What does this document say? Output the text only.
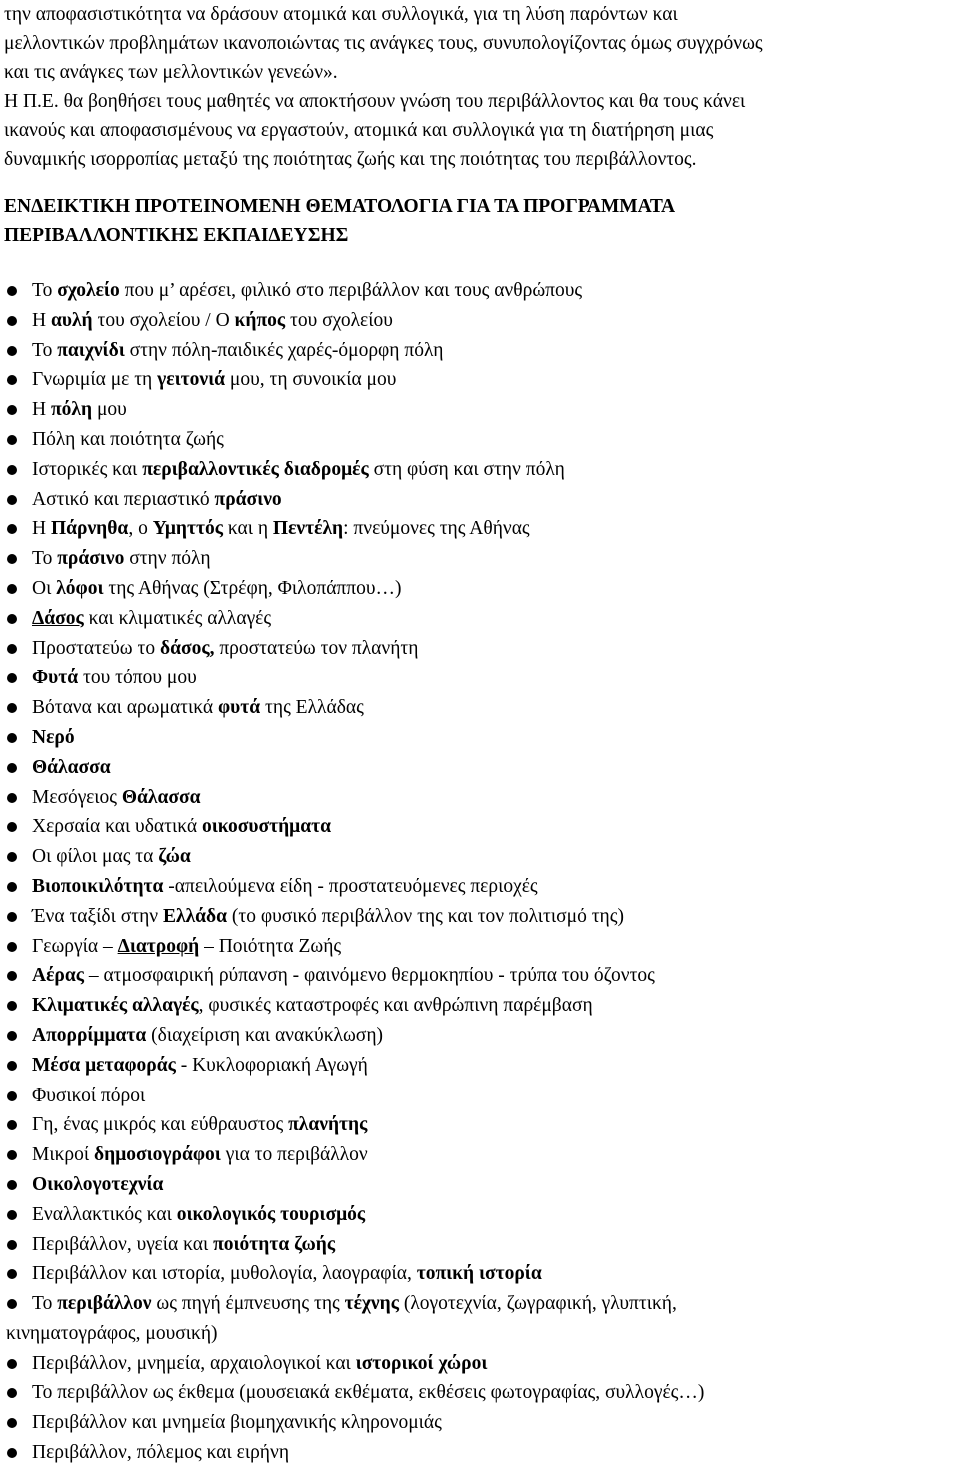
την αποφασιστικότητα να δράσουν ατομικά και συλλογικά, για τη λύση παρόντων και
μελλοντικών προβλημάτων ικανοποιώντας τις ανάγκες τους, συνυπολογίζοντας όμως συγχρόνως
και τις ανάγκες των μελλοντικών γενεών».
Η Π.Ε. θα βοηθήσει τους μαθητές να αποκτήσουν γνώση του περιβάλλοντος και θα τους κάνει
ικανούς και αποφασισμένους να εργαστούν, ατομικά και συλλογικά για τη διατήρηση μιας
δυναμικής ισορροπίας μεταξύ της ποιότητας ζωής και της ποιότητας του περιβάλλοντος.

ΕΝΔΕΙΚΤΙΚΗ ΠΡΟΤΕΙΝΟΜΕΝΗ ΘΕΜΑΤΟΛΟΓΙΑ ΓΙΑ ΤΑ ΠΡΟΓΡΑΜΜΑΤΑ
ΠΕΡΙΒΑΛΛΟΝΤΙΚΗΣ ΕΚΠΑΙΔΕΥΣΗΣ
Το σχολείο που μ’ αρέσει, φιλικό στο περιβάλλον και τους ανθρώπους
Η αυλή του σχολείου / Ο κήπος του σχολείου
Το παιχνίδι στην πόλη-παιδικές χαρές-όμορφη πόλη
Γνωριμία με τη γειτονιά μου, τη συνοικία μου
Η πόλη μου
Πόλη και ποιότητα ζωής
Ιστορικές και περιβαλλοντικές διαδρομές στη φύση και στην πόλη
Αστικό και περιαστικό πράσινο
Η Πάρνηθα, ο Υμηττός και η Πεντέλη: πνεύμονες της Αθήνας
Το πράσινο στην πόλη
Οι λόφοι της Αθήνας (Στρέφη, Φιλοπάππου…)
Δάσος και κλιματικές αλλαγές
Προστατεύω το δάσος, προστατεύω τον πλανήτη
Φυτά του τόπου μου
Βότανα και αρωματικά φυτά της Ελλάδας
Νερό
Θάλασσα
Μεσόγειος Θάλασσα
Χερσαία και υδατικά οικοσυστήματα
Οι φίλοι μας τα ζώα
Βιοποικιλότητα -απειλούμενα είδη - προστατευόμενες περιοχές
Ένα ταξίδι στην Ελλάδα (το φυσικό περιβάλλον της και τον πολιτισμό της)
Γεωργία – Διατροφή – Ποιότητα Ζωής
Αέρας – ατμοσφαιρική ρύπανση - φαινόμενο θερμοκηπίου - τρύπα του όζοντος
Κλιματικές αλλαγές, φυσικές καταστροφές και ανθρώπινη παρέμβαση
Απορρίμματα (διαχείριση και ανακύκλωση)
Μέσα μεταφοράς - Κυκλοφοριακή Αγωγή
Φυσικοί πόροι
Γη, ένας μικρός και εύθραυστος πλανήτης
Μικροί δημοσιογράφοι για το περιβάλλον
Οικολογοτεχνία
Εναλλακτικός και οικολογικός τουρισμός
Περιβάλλον, υγεία και ποιότητα ζωής
Περιβάλλον και ιστορία, μυθολογία, λαογραφία, τοπική ιστορία
Το περιβάλλον ως πηγή έμπνευσης της τέχνης (λογοτεχνία, ζωγραφική, γλυπτική,
κινηματογράφος, μουσική)
Περιβάλλον, μνημεία, αρχαιολογικοί και ιστορικοί χώροι
Το περιβάλλον ως έκθεμα (μουσειακά εκθέματα, εκθέσεις φωτογραφίας, συλλογές…)
Περιβάλλον και μνημεία βιομηχανικής κληρονομιάς
Περιβάλλον, πόλεμος και ειρήνη
